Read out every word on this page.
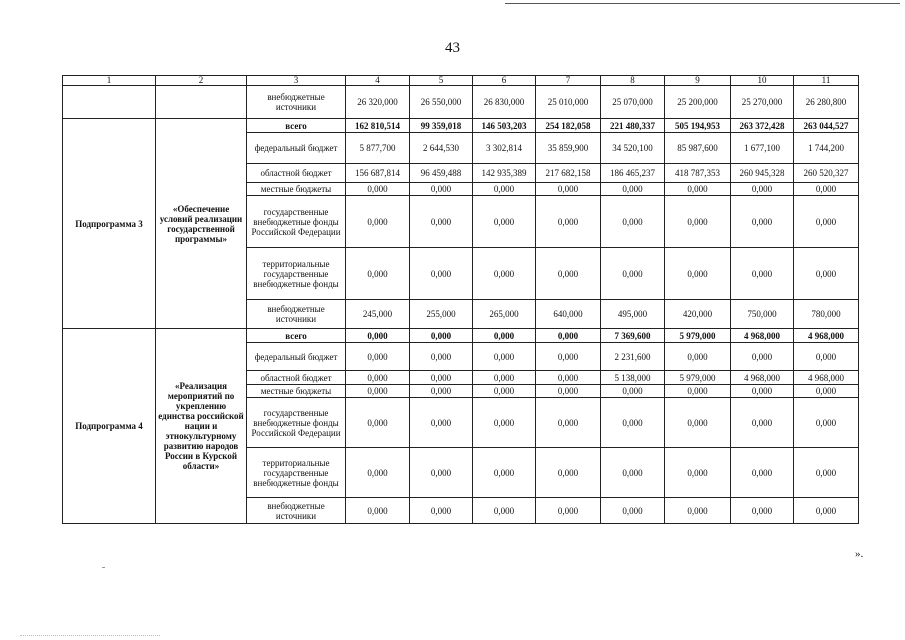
43
1	2	3	4	5	6	7	8	9	10	11
		внебюджетные источники	26 320,000	26 550,000	26 830,000	25 010,000	25 070,000	25 200,000	25 270,000	26 280,800
Подпрограмма 3	«Обеспечение условий реализации государственной программы»	всего	162 810,514	99 359,018	146 503,203	254 182,058	221 480,337	505 194,953	263 372,428	263 044,527
		федеральный бюджет	5 877,700	2 644,530	3 302,814	35 859,900	34 520,100	85 987,600	1 677,100	1 744,200
		областной бюджет	156 687,814	96 459,488	142 935,389	217 682,158	186 465,237	418 787,353	260 945,328	260 520,327
		местные бюджеты	0,000	0,000	0,000	0,000	0,000	0,000	0,000	0,000
		государственные внебюджетные фонды Российской Федерации	0,000	0,000	0,000	0,000	0,000	0,000	0,000	0,000
		территориальные государственные внебюджетные фонды	0,000	0,000	0,000	0,000	0,000	0,000	0,000	0,000
		внебюджетные источники	245,000	255,000	265,000	640,000	495,000	420,000	750,000	780,000
Подпрограмма 4	«Реализация мероприятий по укреплению единства российской нации и этнокультурному развитию народов России в Курской области»	всего	0,000	0,000	0,000	0,000	7 369,600	5 979,000	4 968,000	4 968,000
		федеральный бюджет	0,000	0,000	0,000	0,000	2 231,600	0,000	0,000	0,000
		областной бюджет	0,000	0,000	0,000	0,000	5 138,000	5 979,000	4 968,000	4 968,000
		местные бюджеты	0,000	0,000	0,000	0,000	0,000	0,000	0,000	0,000
		государственные внебюджетные фонды Российской Федерации	0,000	0,000	0,000	0,000	0,000	0,000	0,000	0,000
		территориальные государственные внебюджетные фонды	0,000	0,000	0,000	0,000	0,000	0,000	0,000	0,000
		внебюджетные источники	0,000	0,000	0,000	0,000	0,000	0,000	0,000	0,000
».
